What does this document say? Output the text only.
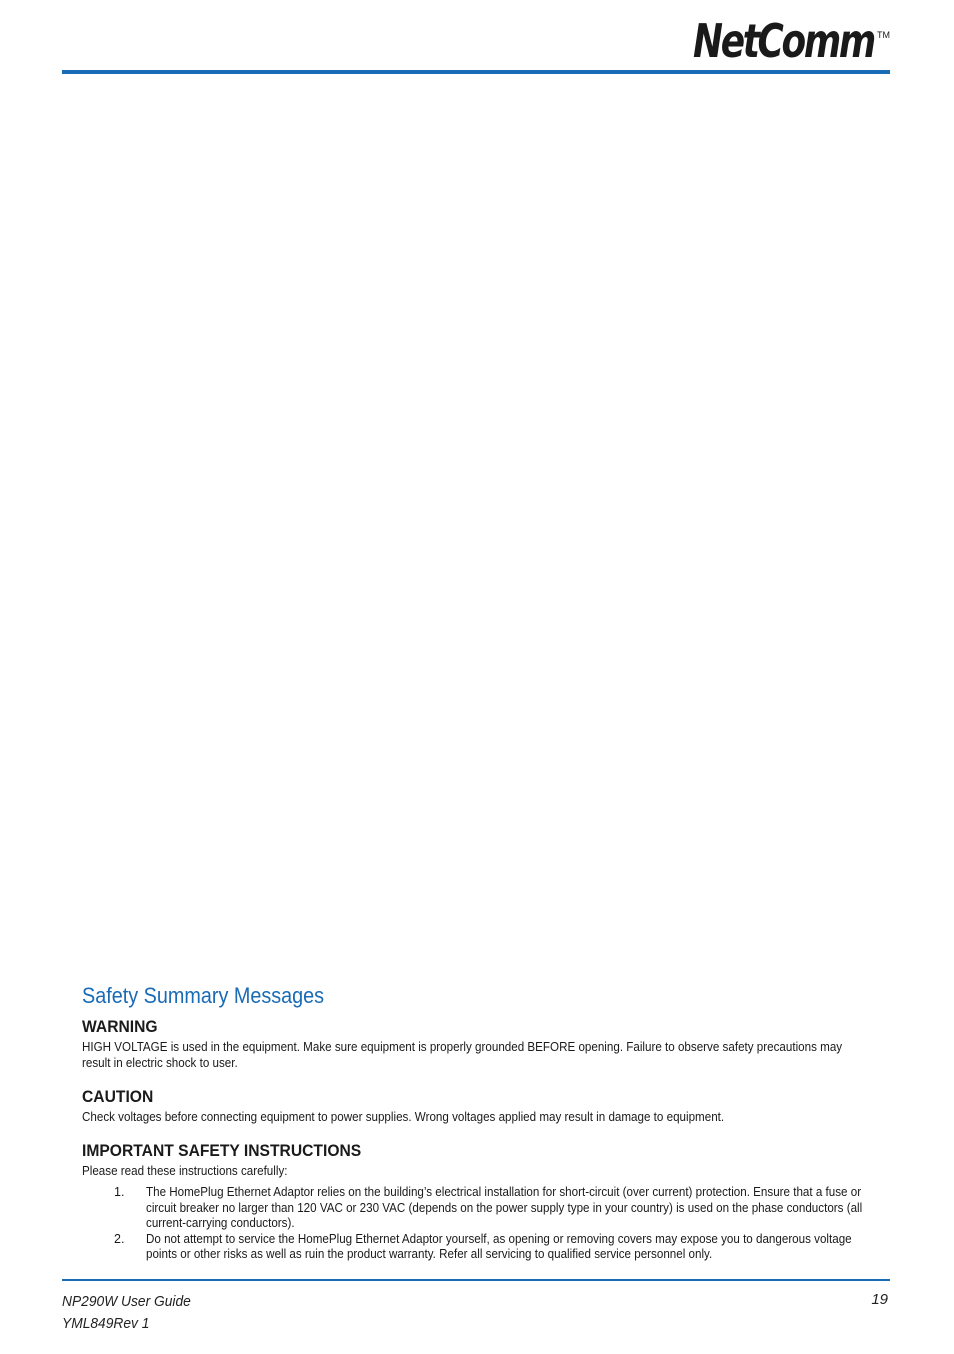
NetComm TM
Safety Summary Messages
WARNING

HIGH VOLTAGE is used in the equipment. Make sure equipment is properly grounded BEFORE opening. Failure to observe safety precautions may result in electric shock to user.

CAUTION

Check voltages before connecting equipment to power supplies. Wrong voltages applied may result in damage to equipment.

IMPORTANT SAFETY INSTRUCTIONS

Please read these instructions carefully:

1. The HomePlug Ethernet Adaptor relies on the building’s electrical installation for short-circuit (over current) protection. Ensure that a fuse or circuit breaker no larger than 120 VAC or 230 VAC (depends on the power supply type in your country) is used on the phase conductors (all current-carrying conductors).
2. Do not attempt to service the HomePlug Ethernet Adaptor yourself, as opening or removing covers may expose you to dangerous voltage points or other risks as well as ruin the product warranty. Refer all servicing to qualified service personnel only.
NP290W User Guide
YML849Rev 1
19
